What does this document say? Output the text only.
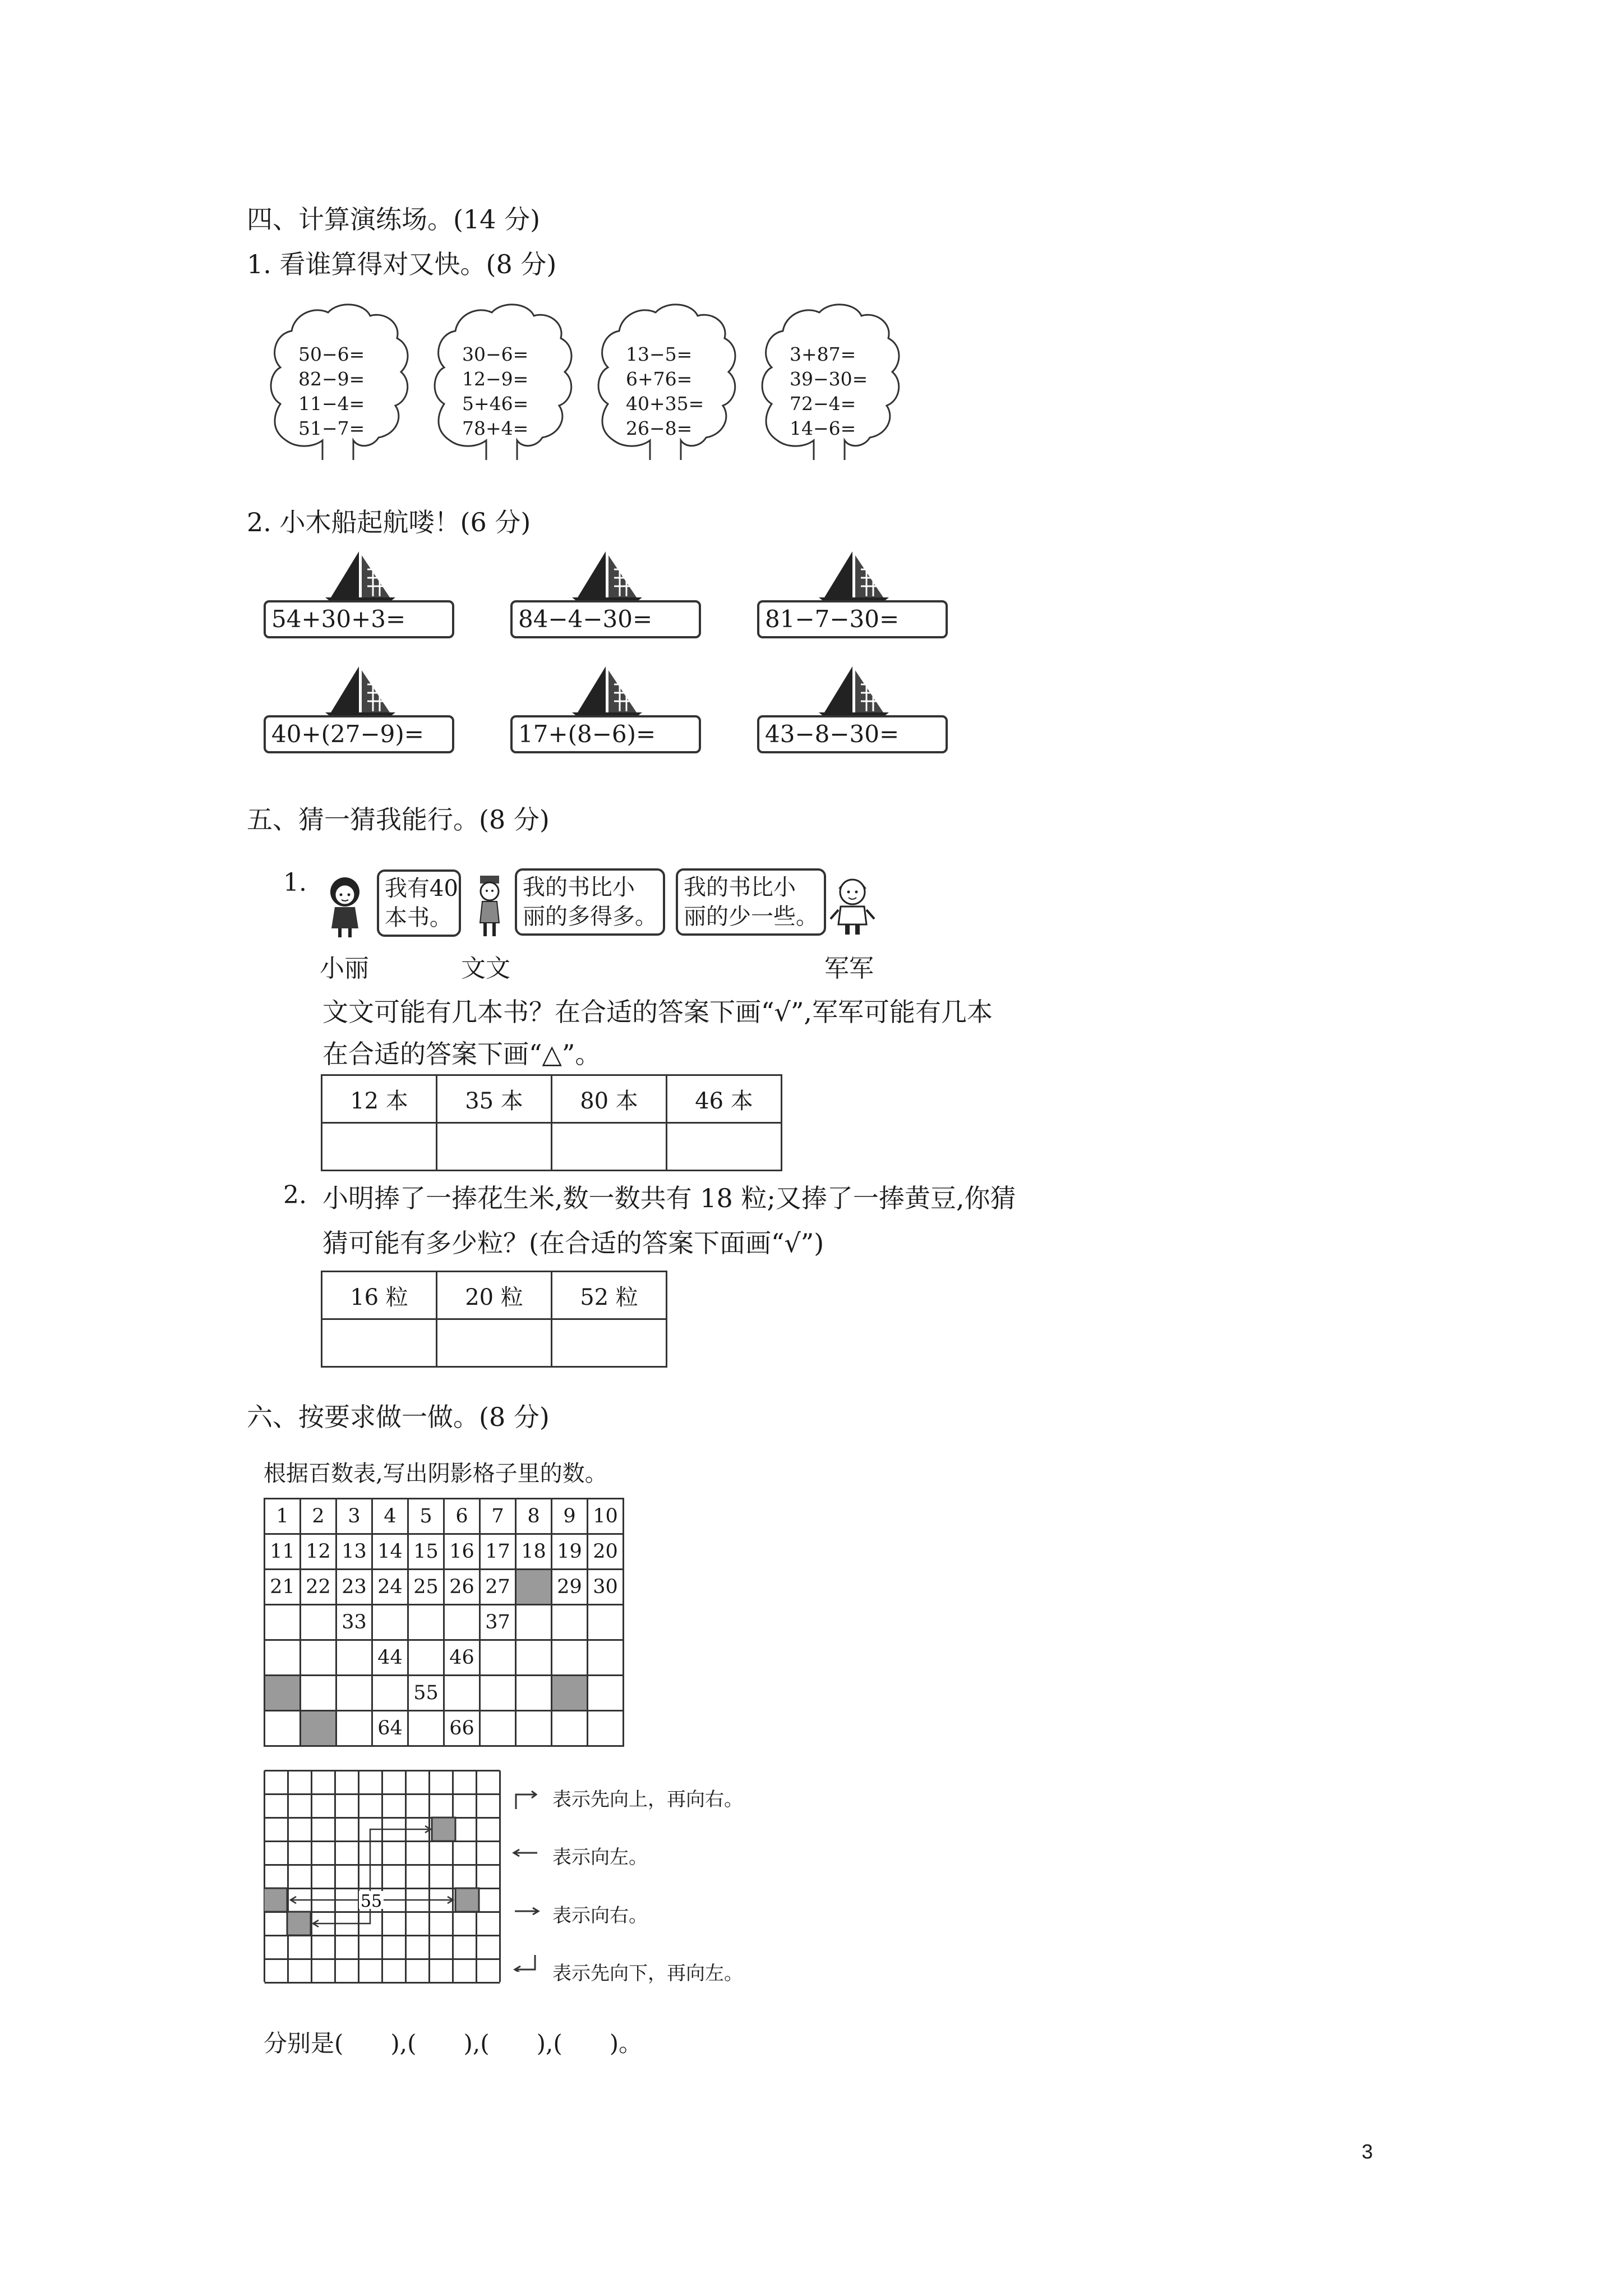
四、计算演练场。(14 分)
1. 看谁算得对又快。(8 分)
50−6=
82−9=
11−4=
51−7=
30−6=
12−9=
5+46=
78+4=
13−5=
6+76=
40+35=
26−8=
3+87=
39−30=
72−4=
14−6=
2. 小木船起航喽！(6 分)
54+30+3=	84−4−30=	81−7−30=
40+(27−9)=	17+(8−6)=	43−8−30=
五、猜一猜我能行。(8 分)
1.	我有40
本书。
我的书比小
丽的多得多。
我的书比小
丽的少一些。
小丽	文文	军军
文文可能有几本书？在合适的答案下画“√”,军军可能有几本
在合适的答案下画“△”。
12 本	35 本	80 本	46 本

2. 小明捧了一捧花生米,数一数共有 18 粒;又捧了一捧黄豆,你猜
猜可能有多少粒？(在合适的答案下面画“√”)
16 粒	20 粒	52 粒

六、按要求做一做。(8 分)
根据百数表,写出阴影格子里的数。
1	2	3	4	5	6	7	8	9	10
11	12	13	14	15	16	17	18	19	20
21	22	23	24	25	26	27		29	30
		33				37			
			44		46				
				55					
			64		66				
55
表示先向上，再向右。
表示向左。
表示向右。
表示先向下，再向左。
分别是(　　),(　　),(　　),(　　)。
3
